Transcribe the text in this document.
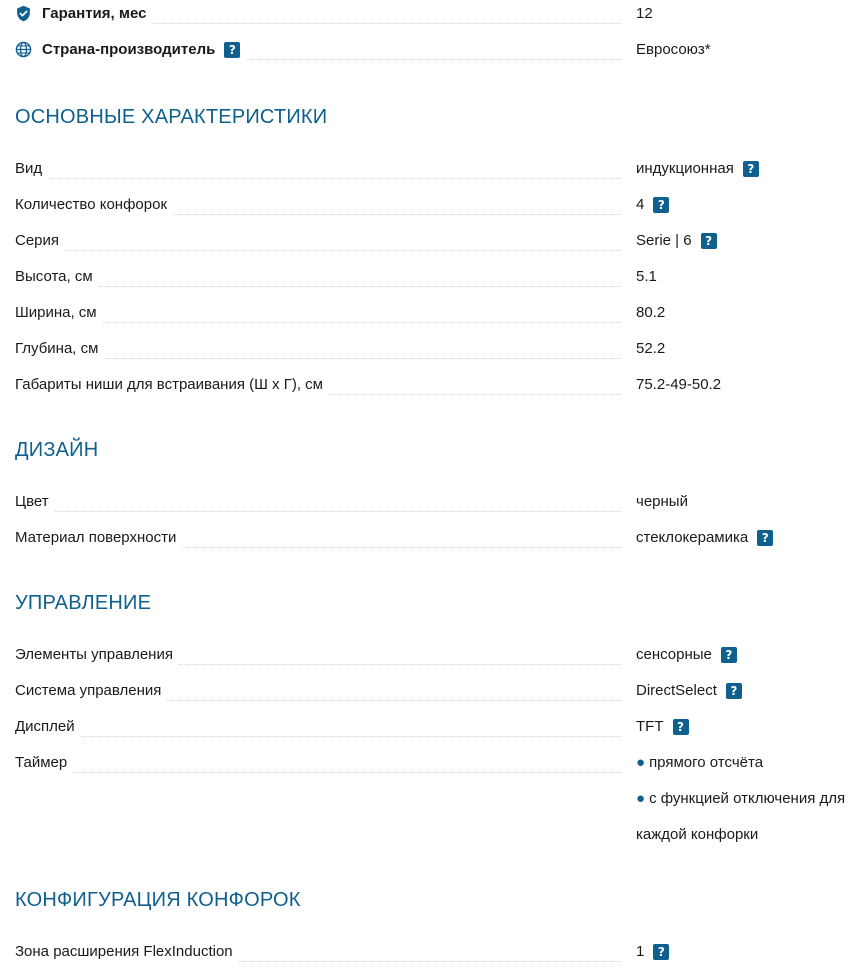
Гарантия, мес	12
Страна-производитель ?	Евросоюз*
ОСНОВНЫЕ ХАРАКТЕРИСТИКИ
Вид	индукционная	?
Количество конфорок	4	?
Серия	Serie | 6	?
Высота, см	5.1
Ширина, см	80.2
Глубина, см	52.2
Габариты ниши для встраивания (Ш х Г), см	75.2-49-50.2
ДИЗАЙН
Цвет	черный
Материал поверхности	стеклокерамика	?
УПРАВЛЕНИЕ
Элементы управления	сенсорные	?
Система управления	DirectSelect	?
Дисплей	TFT	?
Таймер	● прямого отсчёта
● с функцией отключения для
каждой конфорки
КОНФИГУРАЦИЯ КОНФОРОК
Зона расширения FlexInduction	1	?
